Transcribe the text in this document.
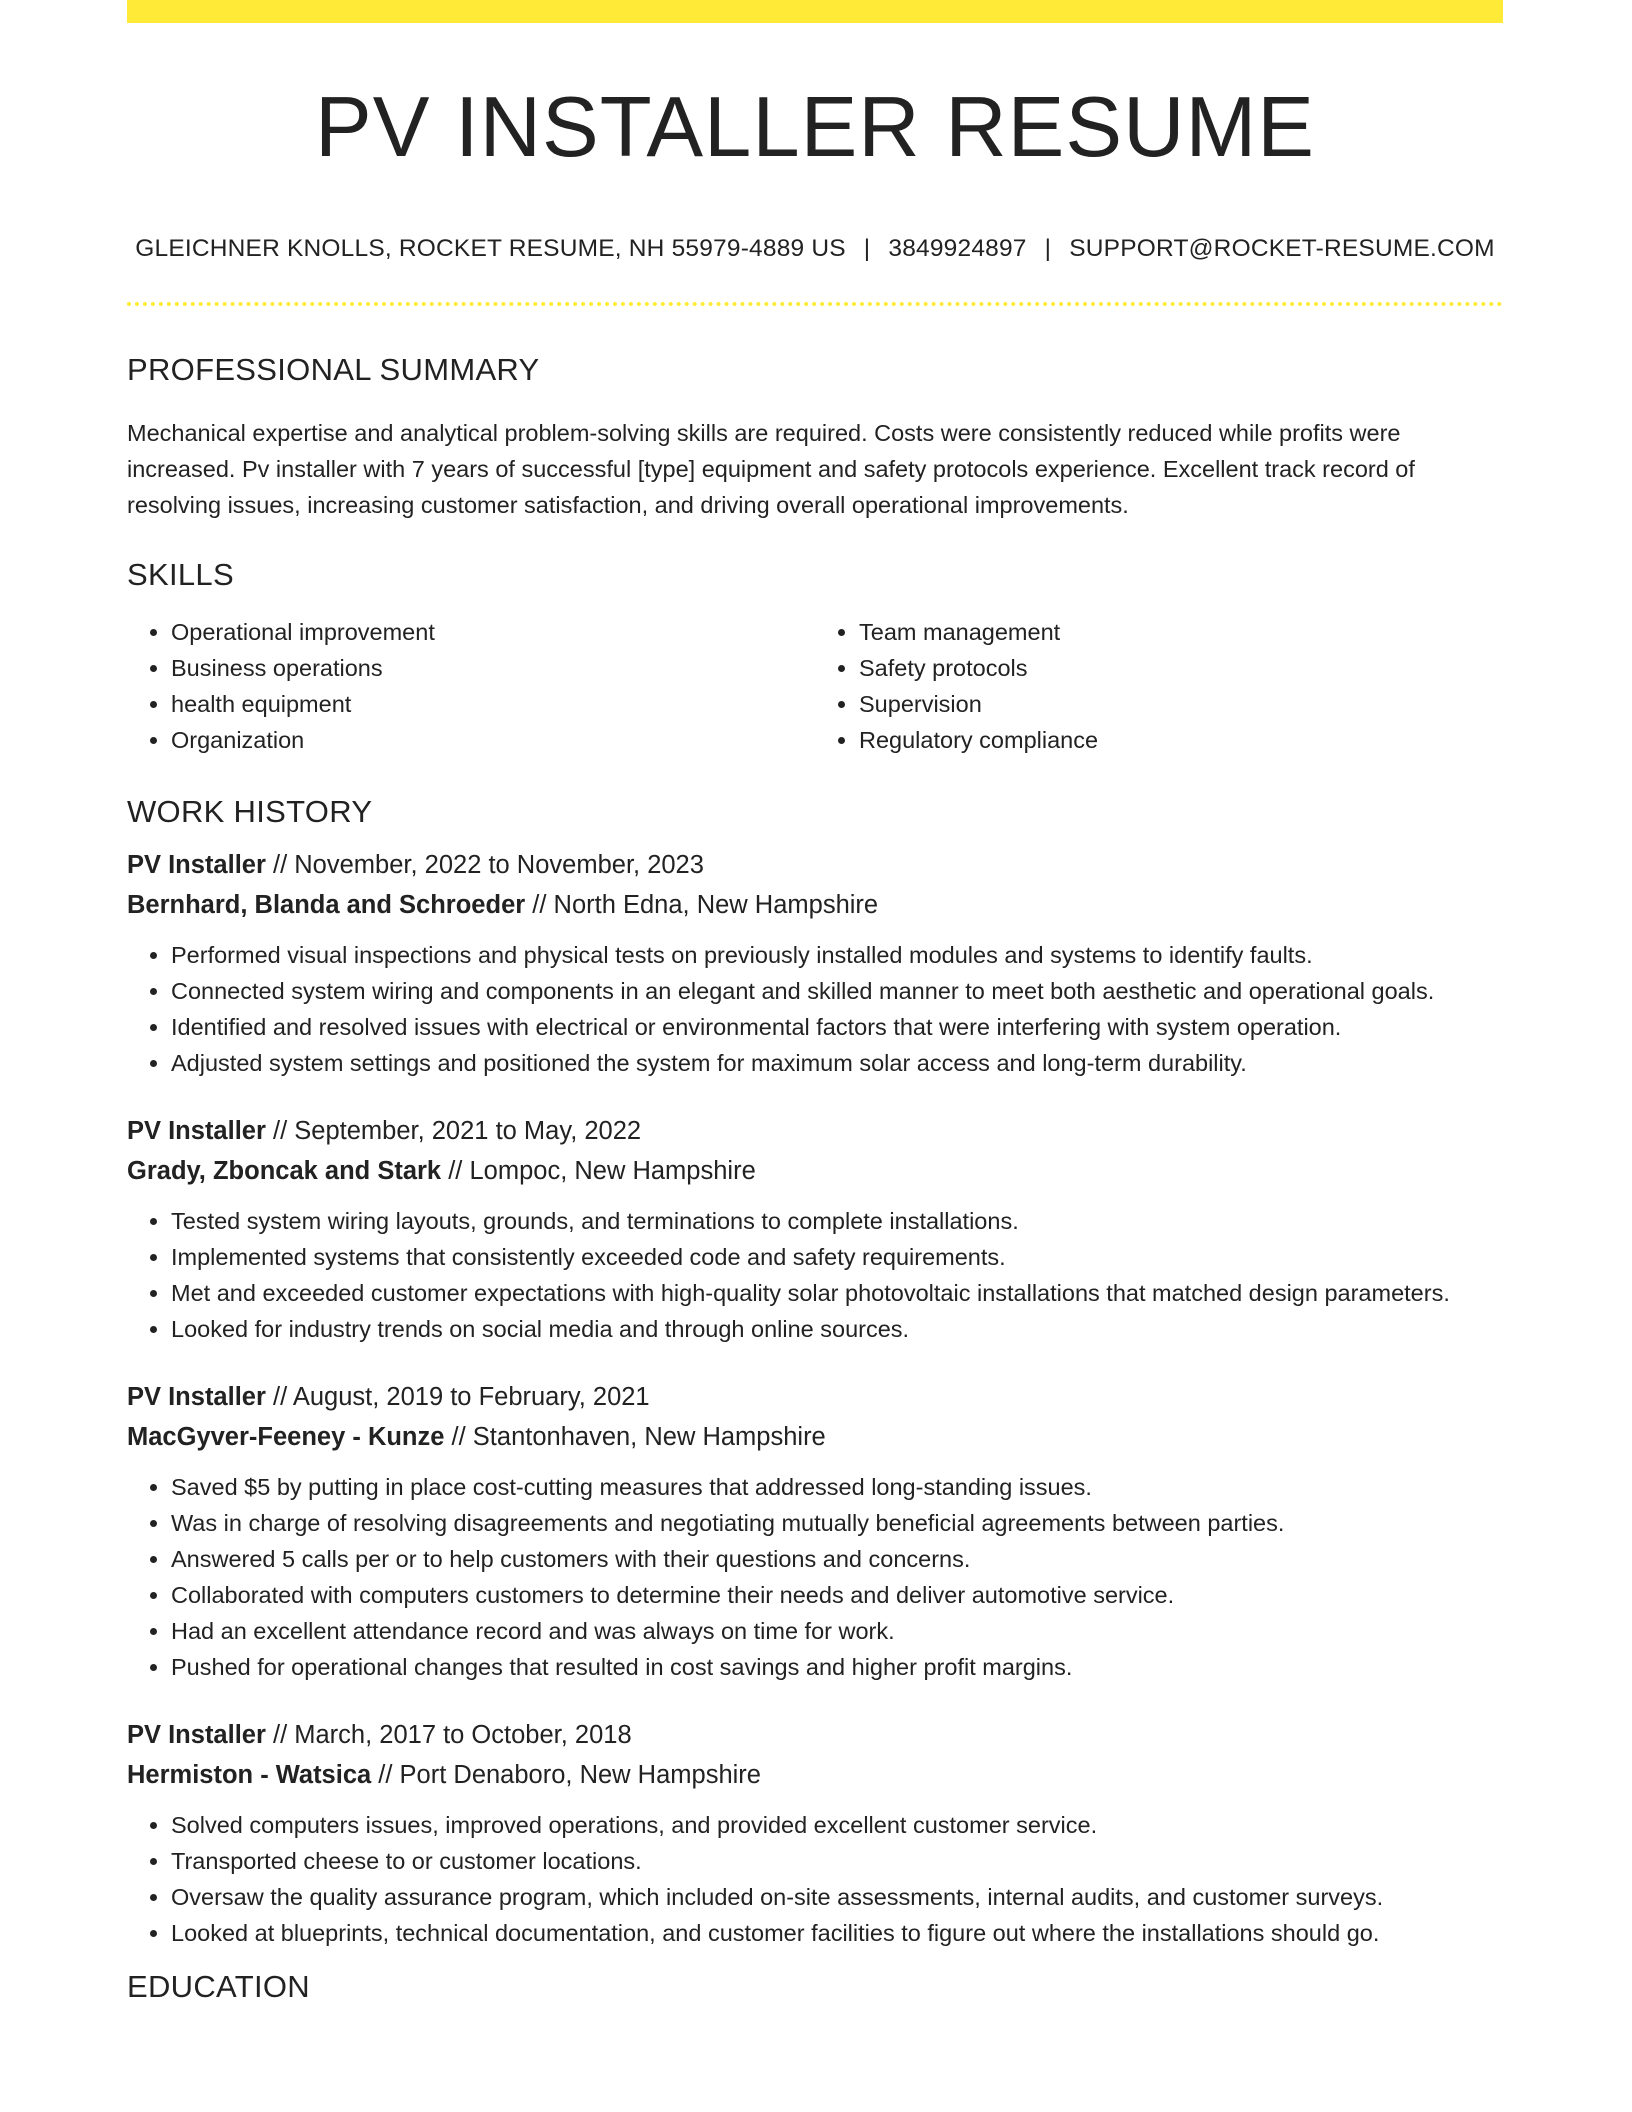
PV INSTALLER RESUME
GLEICHNER KNOLLS, ROCKET RESUME, NH 55979-4889 US | 3849924897 | SUPPORT@ROCKET-RESUME.COM
PROFESSIONAL SUMMARY

Mechanical expertise and analytical problem-solving skills are required. Costs were consistently reduced while profits were increased. Pv installer with 7 years of successful [type] equipment and safety protocols experience. Excellent track record of resolving issues, increasing customer satisfaction, and driving overall operational improvements.

SKILLS
• Operational improvement
• Business operations
• health equipment
• Organization
• Team management
• Safety protocols
• Supervision
• Regulatory compliance
WORK HISTORY
PV Installer // November, 2022 to November, 2023
Bernhard, Blanda and Schroeder // North Edna, New Hampshire
• Performed visual inspections and physical tests on previously installed modules and systems to identify faults.
• Connected system wiring and components in an elegant and skilled manner to meet both aesthetic and operational goals.
• Identified and resolved issues with electrical or environmental factors that were interfering with system operation.
• Adjusted system settings and positioned the system for maximum solar access and long-term durability.
PV Installer // September, 2021 to May, 2022
Grady, Zboncak and Stark // Lompoc, New Hampshire
• Tested system wiring layouts, grounds, and terminations to complete installations.
• Implemented systems that consistently exceeded code and safety requirements.
• Met and exceeded customer expectations with high-quality solar photovoltaic installations that matched design parameters.
• Looked for industry trends on social media and through online sources.
PV Installer // August, 2019 to February, 2021
MacGyver-Feeney - Kunze // Stantonhaven, New Hampshire
• Saved $5 by putting in place cost-cutting measures that addressed long-standing issues.
• Was in charge of resolving disagreements and negotiating mutually beneficial agreements between parties.
• Answered 5 calls per or to help customers with their questions and concerns.
• Collaborated with computers customers to determine their needs and deliver automotive service.
• Had an excellent attendance record and was always on time for work.
• Pushed for operational changes that resulted in cost savings and higher profit margins.
PV Installer // March, 2017 to October, 2018
Hermiston - Watsica // Port Denaboro, New Hampshire
• Solved computers issues, improved operations, and provided excellent customer service.
• Transported cheese to or customer locations.
• Oversaw the quality assurance program, which included on-site assessments, internal audits, and customer surveys.
• Looked at blueprints, technical documentation, and customer facilities to figure out where the installations should go.
EDUCATION
